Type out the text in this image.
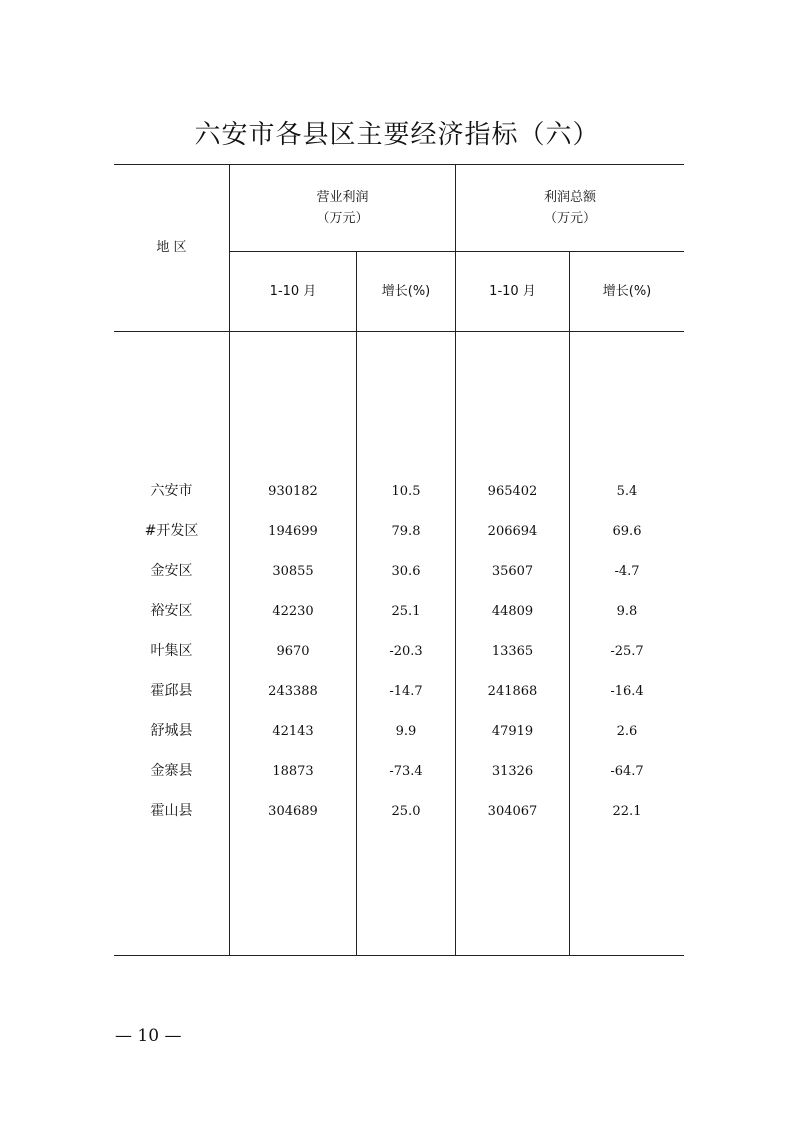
六安市各县区主要经济指标（六）
地 区
营业利润
（万元）
利润总额
（万元）
1-10 月	增长(%)	1-10 月	增长(%)
六安市	930182	10.5	965402	5.4
#开发区	194699	79.8	206694	69.6
金安区	30855	30.6	35607	-4.7
裕安区	42230	25.1	44809	9.8
叶集区	9670	-20.3	13365	-25.7
霍邱县	243388	-14.7	241868	-16.4
舒城县	42143	9.9	47919	2.6
金寨县	18873	-73.4	31326	-64.7
霍山县	304689	25.0	304067	22.1
— 10 —
